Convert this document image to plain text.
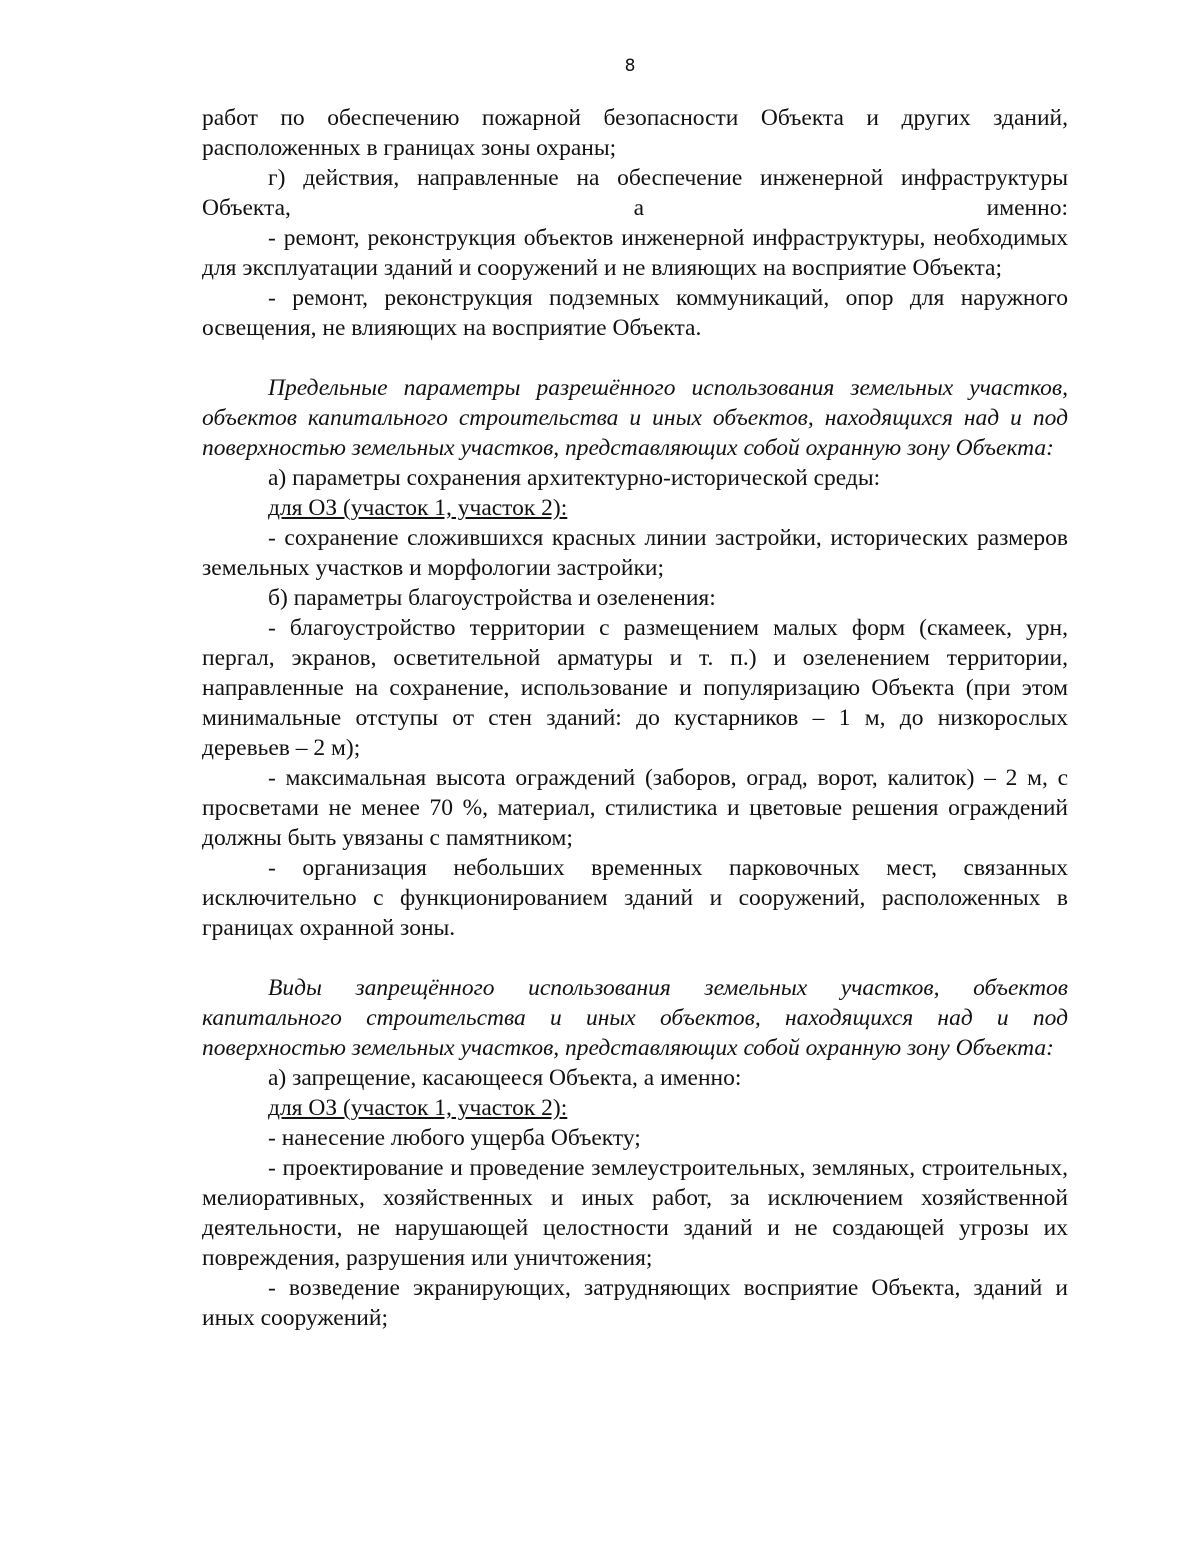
8

работ по обеспечению пожарной безопасности Объекта и других зданий, расположенных в границах зоны охраны;

г) действия, направленные на обеспечение инженерной инфраструктуры Объекта, а именно:

- ремонт, реконструкция объектов инженерной инфраструктуры, необходимых для эксплуатации зданий и сооружений и не влияющих на восприятие Объекта;

- ремонт, реконструкция подземных коммуникаций, опор для наружного освещения, не влияющих на восприятие Объекта.

Предельные параметры разрешённого использования земельных участков, объектов капитального строительства и иных объектов, находящихся над и под поверхностью земельных участков, представляющих собой охранную зону Объекта:

а) параметры сохранения архитектурно-исторической среды:

для ОЗ (участок 1, участок 2):

- сохранение сложившихся красных линии застройки, исторических размеров земельных участков и морфологии застройки;

б) параметры благоустройства и озеленения:

- благоустройство территории с размещением малых форм (скамеек, урн, пергал, экранов, осветительной арматуры и т. п.) и озеленением территории, направленные на сохранение, использование и популяризацию Объекта (при этом минимальные отступы от стен зданий: до кустарников – 1 м, до низкорослых деревьев – 2 м);

- максимальная высота ограждений (заборов, оград, ворот, калиток) – 2 м, с просветами не менее 70 %, материал, стилистика и цветовые решения ограждений должны быть увязаны с памятником;

- организация небольших временных парковочных мест, связанных исключительно с функционированием зданий и сооружений, расположенных в границах охранной зоны.

Виды запрещённого использования земельных участков, объектов капитального строительства и иных объектов, находящихся над и под поверхностью земельных участков, представляющих собой охранную зону Объекта:

а) запрещение, касающееся Объекта, а именно:

для ОЗ (участок 1, участок 2):

- нанесение любого ущерба Объекту;

- проектирование и проведение землеустроительных, земляных, строительных, мелиоративных, хозяйственных и иных работ, за исключением хозяйственной деятельности, не нарушающей целостности зданий и не создающей угрозы их повреждения, разрушения или уничтожения;

- возведение экранирующих, затрудняющих восприятие Объекта, зданий и иных сооружений;
